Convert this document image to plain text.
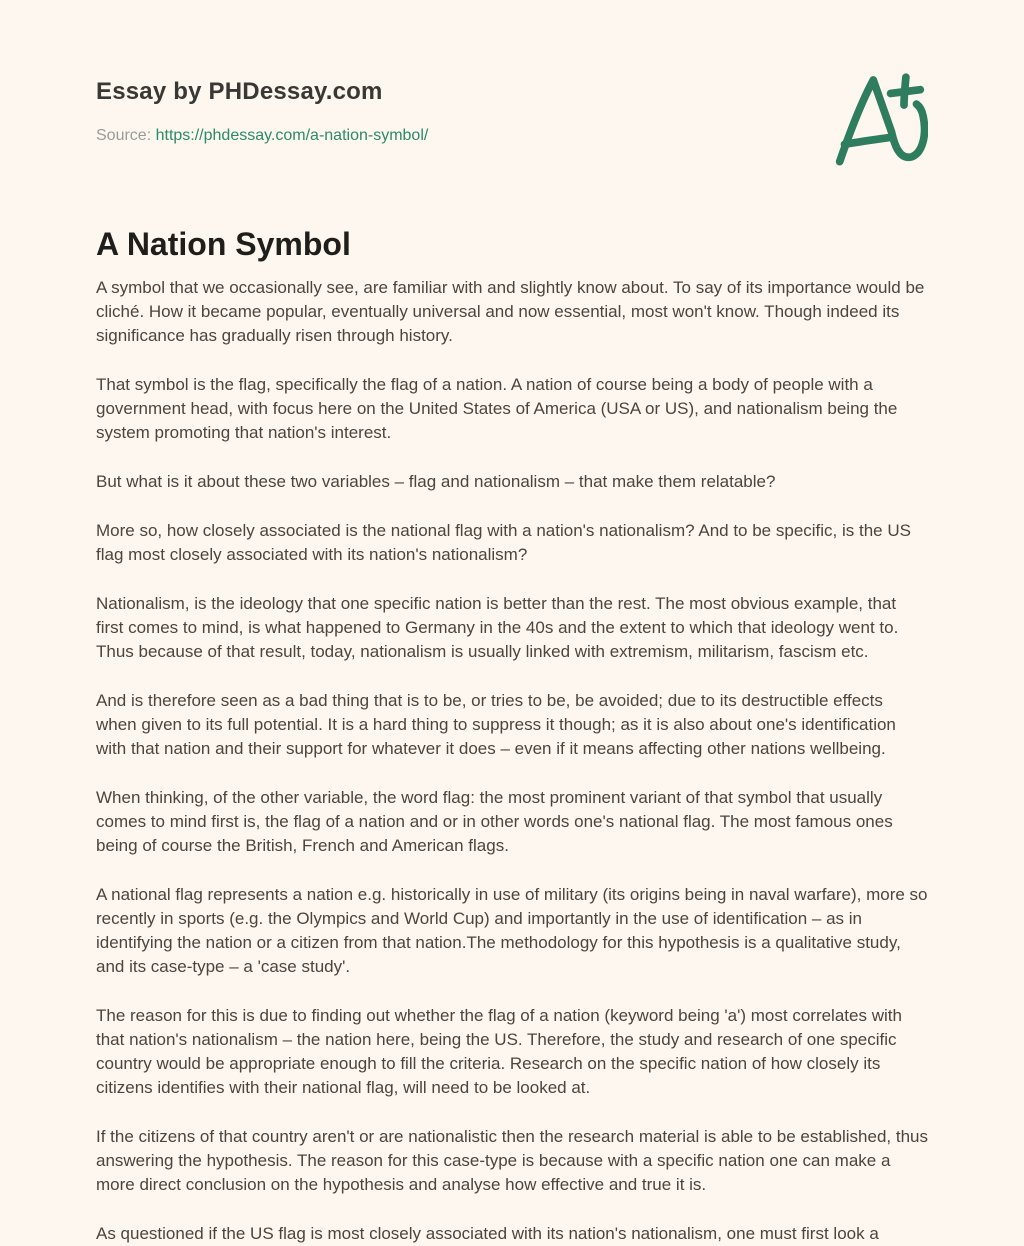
Essay by PHDessay.com
Source: https://phdessay.com/a-nation-symbol/
A Nation Symbol

A symbol that we occasionally see, are familiar with and slightly know about. To say of its importance would be cliché. How it became popular, eventually universal and now essential, most won't know. Though indeed its significance has gradually risen through history.

That symbol is the flag, specifically the flag of a nation. A nation of course being a body of people with a government head, with focus here on the United States of America (USA or US), and nationalism being the system promoting that nation's interest.

But what is it about these two variables – flag and nationalism – that make them relatable?

More so, how closely associated is the national flag with a nation's nationalism? And to be specific, is the US flag most closely associated with its nation's nationalism?

Nationalism, is the ideology that one specific nation is better than the rest. The most obvious example, that first comes to mind, is what happened to Germany in the 40s and the extent to which that ideology went to. Thus because of that result, today, nationalism is usually linked with extremism, militarism, fascism etc.

And is therefore seen as a bad thing that is to be, or tries to be, be avoided; due to its destructible effects when given to its full potential. It is a hard thing to suppress it though; as it is also about one's identification with that nation and their support for whatever it does – even if it means affecting other nations wellbeing.

When thinking, of the other variable, the word flag: the most prominent variant of that symbol that usually comes to mind first is, the flag of a nation and or in other words one's national flag. The most famous ones being of course the British, French and American flags.

A national flag represents a nation e.g. historically in use of military (its origins being in naval warfare), more so recently in sports (e.g. the Olympics and World Cup) and importantly in the use of identification – as in identifying the nation or a citizen from that nation.The methodology for this hypothesis is a qualitative study, and its case-type – a 'case study'.

The reason for this is due to finding out whether the flag of a nation (keyword being 'a') most correlates with that nation's nationalism – the nation here, being the US. Therefore, the study and research of one specific country would be appropriate enough to fill the criteria. Research on the specific nation of how closely its citizens identifies with their national flag, will need to be looked at.

If the citizens of that country aren't or are nationalistic then the research material is able to be established, thus answering the hypothesis. The reason for this case-type is because with a specific nation one can make a more direct conclusion on the hypothesis and analyse how effective and true it is.

As questioned if the US flag is most closely associated with its nation's nationalism, one must first look a
